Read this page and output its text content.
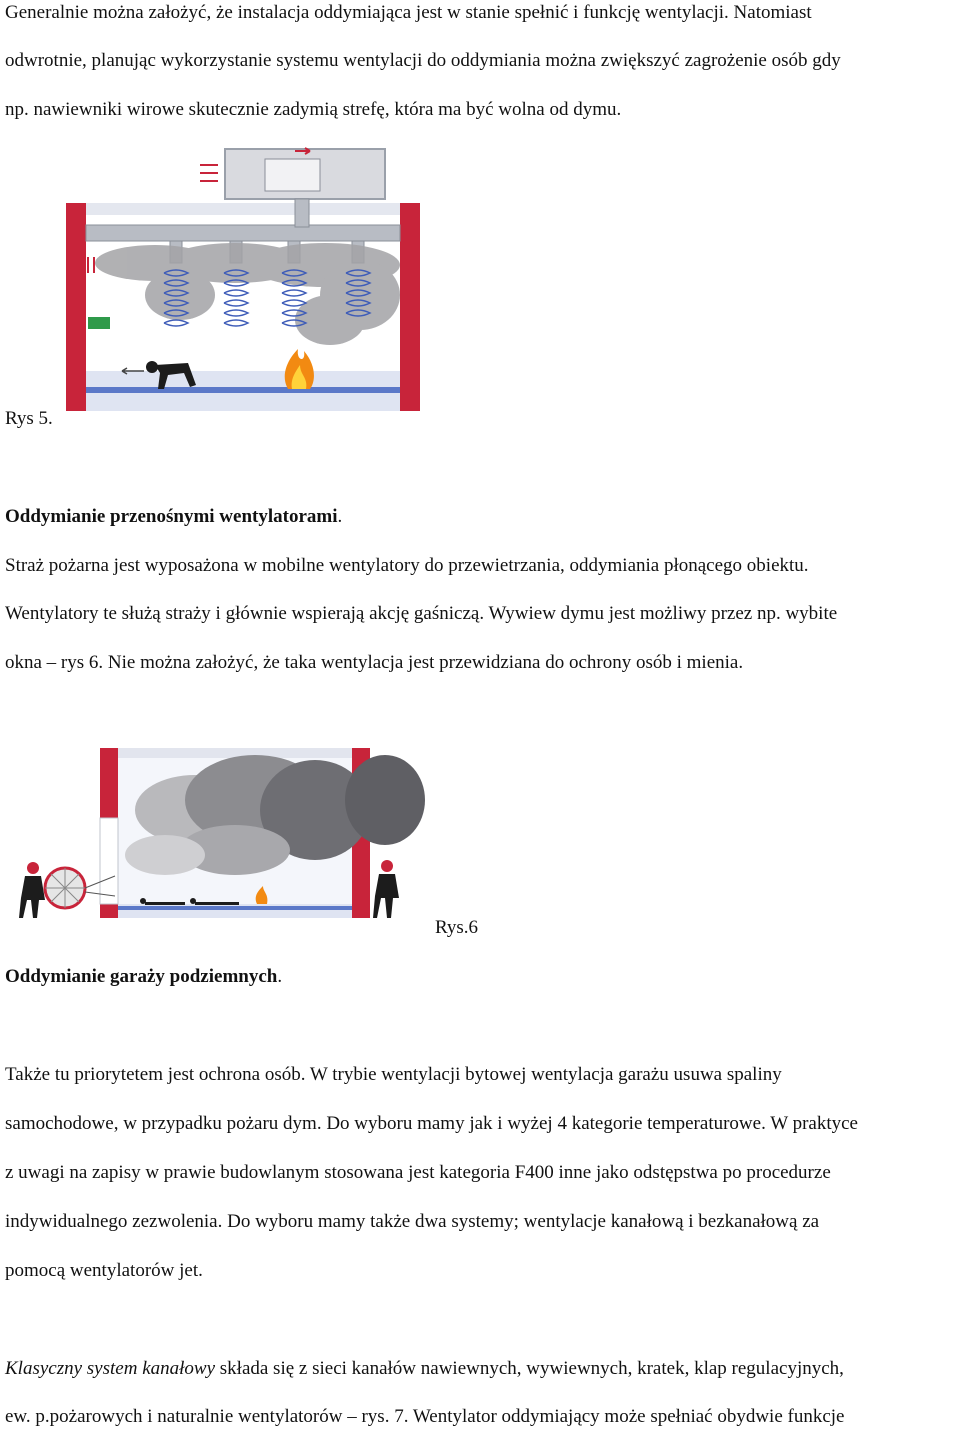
Generalnie można założyć, że instalacja oddymiająca jest w stanie spełnić i funkcję wentylacji. Natomiast
odwrotnie, planując wykorzystanie systemu wentylacji do oddymiania można zwiększyć zagrożenie osób gdy
np. nawiewniki wirowe skutecznie zadymią strefę, która ma być wolna od dymu.
Rys 5.
Oddymianie przenośnymi wentylatorami.
Straż pożarna jest wyposażona w mobilne wentylatory do przewietrzania, oddymiania płonącego obiektu.
Wentylatory te służą straży i głównie wspierają akcję gaśniczą. Wywiew dymu jest możliwy przez np. wybite
okna – rys 6. Nie można założyć, że taka wentylacja jest przewidziana do ochrony osób i mienia.
Rys.6
Oddymianie garaży podziemnych.
Także tu priorytetem jest ochrona osób. W trybie wentylacji bytowej wentylacja garażu usuwa spaliny
samochodowe, w przypadku pożaru dym. Do wyboru mamy jak i wyżej 4 kategorie temperaturowe. W praktyce
z uwagi na zapisy w prawie budowlanym stosowana jest kategoria F400 inne jako odstępstwa po procedurze
indywidualnego zezwolenia. Do wyboru mamy także dwa systemy; wentylacje kanałową i bezkanałową za
pomocą wentylatorów jet.
Klasyczny system kanałowy składa się z sieci kanałów nawiewnych, wywiewnych, kratek, klap regulacyjnych,
ew. p.pożarowych i naturalnie wentylatorów – rys. 7. Wentylator oddymiający może spełniać obydwie funkcje
